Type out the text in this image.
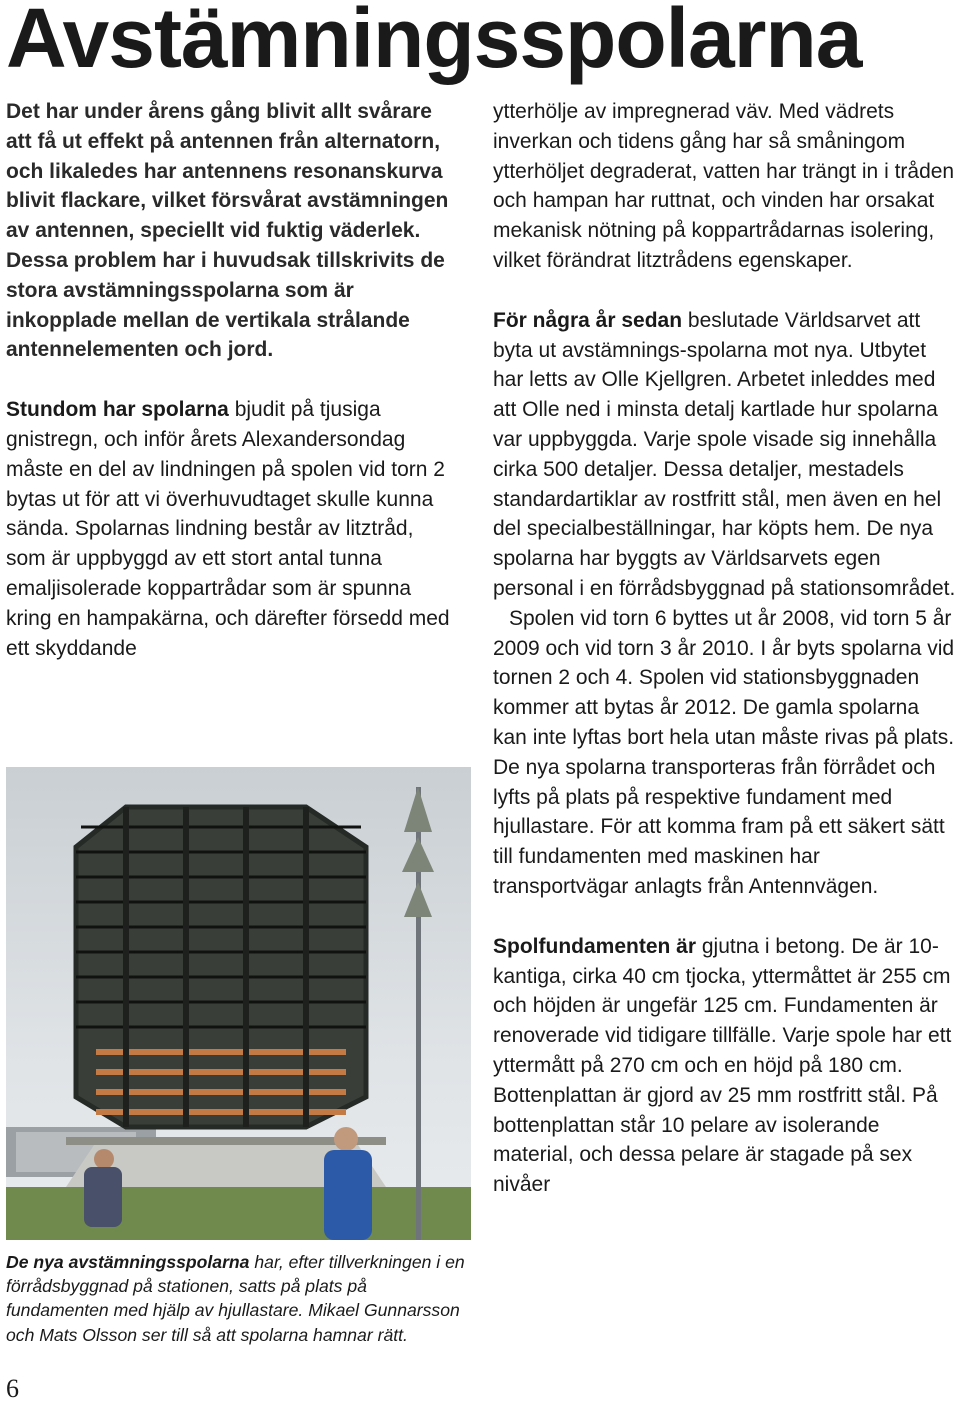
Avstämningsspolarna

Det har under årens gång blivit allt svårare att få ut effekt på antennen från alternatorn, och likaledes har antennens resonanskurva blivit flackare, vilket försvårat avstämningen av antennen, speciellt vid fuktig väderlek. Dessa problem har i huvudsak tillskrivits de stora avstämningsspolarna som är inkopplade mellan de vertikala strålande antennelementen och jord.

Stundom har spolarna bjudit på tjusiga gnistregn, och inför årets Alexandersondag måste en del av lindningen på spolen vid torn 2 bytas ut för att vi överhuvudtaget skulle kunna sända. Spolarnas lindning består av litztråd, som är uppbyggd av ett stort antal tunna emaljisolerade koppartrådar som är spunna kring en hampakärna, och därefter försedd med ett skyddande

De nya avstämningsspolarna har, efter tillverkningen i en förrådsbyggnad på stationen, satts på plats på fundamenten med hjälp av hjullastare. Mikael Gunnarsson och Mats Olsson ser till så att spolarna hamnar rätt.

ytterhölje av impregnerad väv. Med vädrets inverkan och tidens gång har så småningom ytterhöljet degraderat, vatten har trängt in i tråden och hampan har ruttnat, och vinden har orsakat mekanisk nötning på koppartrådarnas isolering, vilket förändrat litztrådens egenskaper.

För några år sedan beslutade Världsarvet att byta ut avstämnings-spolarna mot nya. Utbytet har letts av Olle Kjellgren. Arbetet inleddes med att Olle ned i minsta detalj kartlade hur spolarna var uppbyggda. Varje spole visade sig innehålla cirka 500 detaljer. Dessa detaljer, mestadels standardartiklar av rostfritt stål, men även en hel del specialbeställningar, har köpts hem. De nya spolarna har byggts av Världsarvets egen personal i en förrådsbyggnad på stationsområdet.

Spolen vid torn 6 byttes ut år 2008, vid torn 5 år 2009 och vid torn 3 år 2010. I år byts spolarna vid tornen 2 och 4. Spolen vid stationsbyggnaden kommer att bytas år 2012. De gamla spolarna kan inte lyftas bort hela utan måste rivas på plats. De nya spolarna transporteras från förrådet och lyfts på plats på respektive fundament med hjullastare. För att komma fram på ett säkert sätt till fundamenten med maskinen har transportvägar anlagts från Antennvägen.

Spolfundamenten är gjutna i betong. De är 10-kantiga, cirka 40 cm tjocka, yttermåttet är 255 cm och höjden är ungefär 125 cm. Fundamenten är renoverade vid tidigare tillfälle. Varje spole har ett yttermått på 270 cm och en höjd på 180 cm. Bottenplattan är gjord av 25 mm rostfritt stål. På bottenplattan står 10 pelare av isolerande material, och dessa pelare är stagade på sex nivåer

6
